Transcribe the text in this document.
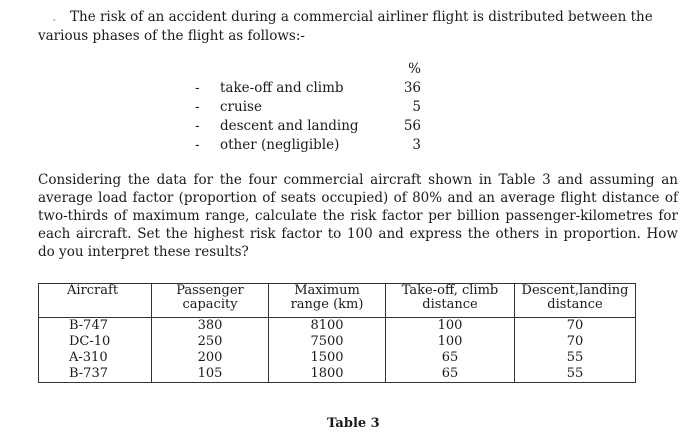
ˇ	The risk of an accident during a commercial airliner flight is distributed between the various phases of the flight as follows:-

%
-	take-off and climb	36
-	cruise	5
-	descent and landing	56
-	other (negligible)	3

Considering the data for the four commercial aircraft shown in Table 3 and assuming an average load factor (proportion of seats occupied) of 80% and an average flight distance of two-thirds of maximum range, calculate the risk factor per billion passenger-kilometres for each aircraft. Set the highest risk factor to 100 and express the others in proportion. How do you interpret these results?

Aircraft	Passenger capacity	Maximum range (km)	Take-off, climb distance	Descent,landing distance
B-747	380	8100	100	70
DC-10	250	7500	100	70
A-310	200	1500	65	55
B-737	105	1800	65	55
Table 3
